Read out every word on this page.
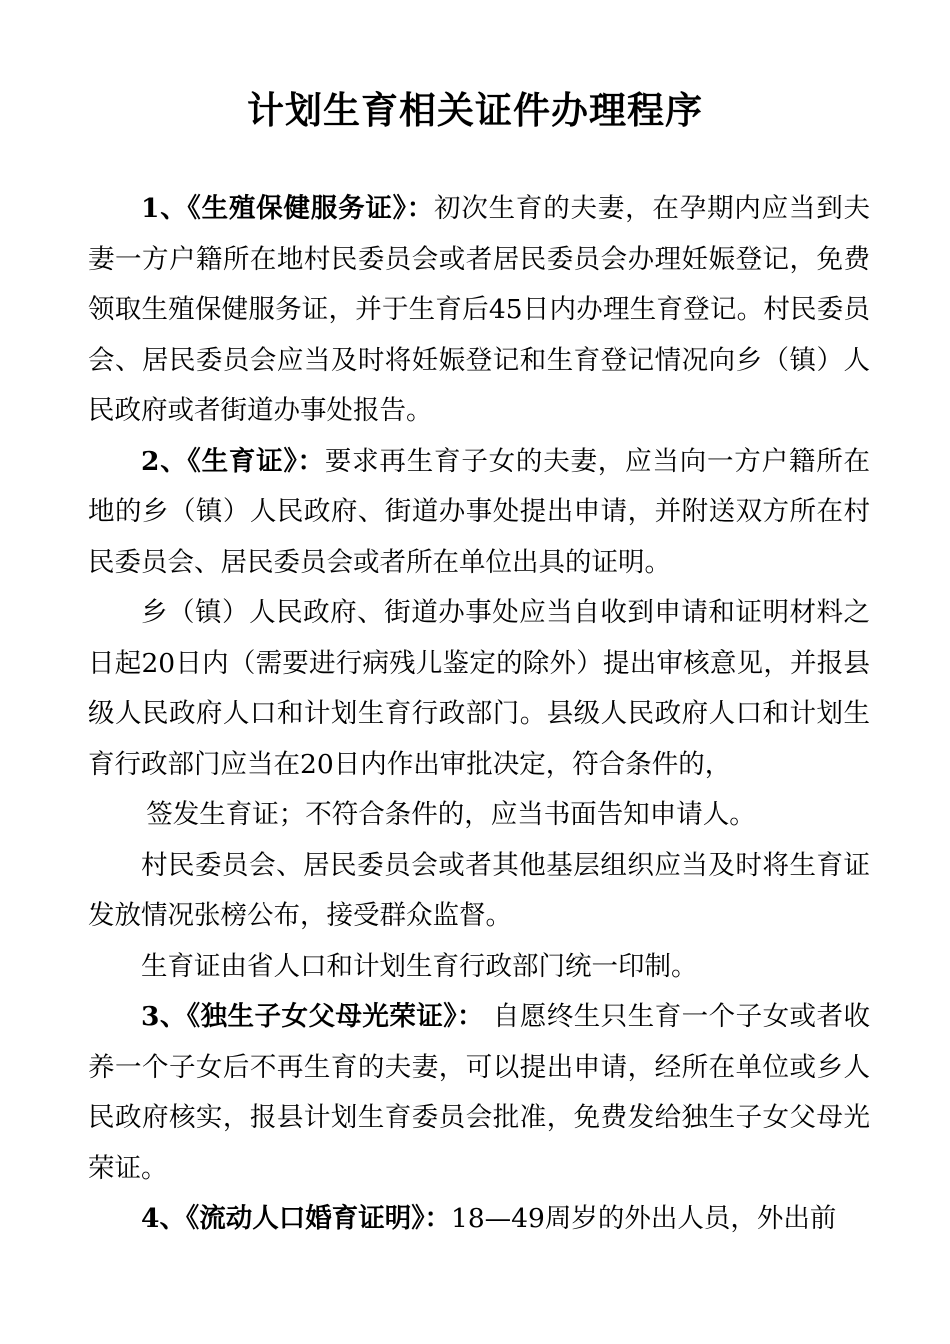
计划生育相关证件办理程序

1、《生殖保健服务证》：初次生育的夫妻，在孕期内应当到夫妻一方户籍所在地村民委员会或者居民委员会办理妊娠登记，免费领取生殖保健服务证，并于生育后45日内办理生育登记。村民委员会、居民委员会应当及时将妊娠登记和生育登记情况向乡（镇）人民政府或者街道办事处报告。

2、《生育证》：要求再生育子女的夫妻，应当向一方户籍所在地的乡（镇）人民政府、街道办事处提出申请，并附送双方所在村民委员会、居民委员会或者所在单位出具的证明。

乡（镇）人民政府、街道办事处应当自收到申请和证明材料之日起20日内（需要进行病残儿鉴定的除外）提出审核意见，并报县级人民政府人口和计划生育行政部门。县级人民政府人口和计划生育行政部门应当在20日内作出审批决定，符合条件的，

签发生育证；不符合条件的，应当书面告知申请人。

村民委员会、居民委员会或者其他基层组织应当及时将生育证发放情况张榜公布，接受群众监督。

生育证由省人口和计划生育行政部门统一印制。

3、《独生子女父母光荣证》： 自愿终生只生育一个子女或者收养一个子女后不再生育的夫妻，可以提出申请，经所在单位或乡人民政府核实，报县计划生育委员会批准，免费发给独生子女父母光荣证。

4、《流动人口婚育证明》：18—49周岁的外出人员，外出前
